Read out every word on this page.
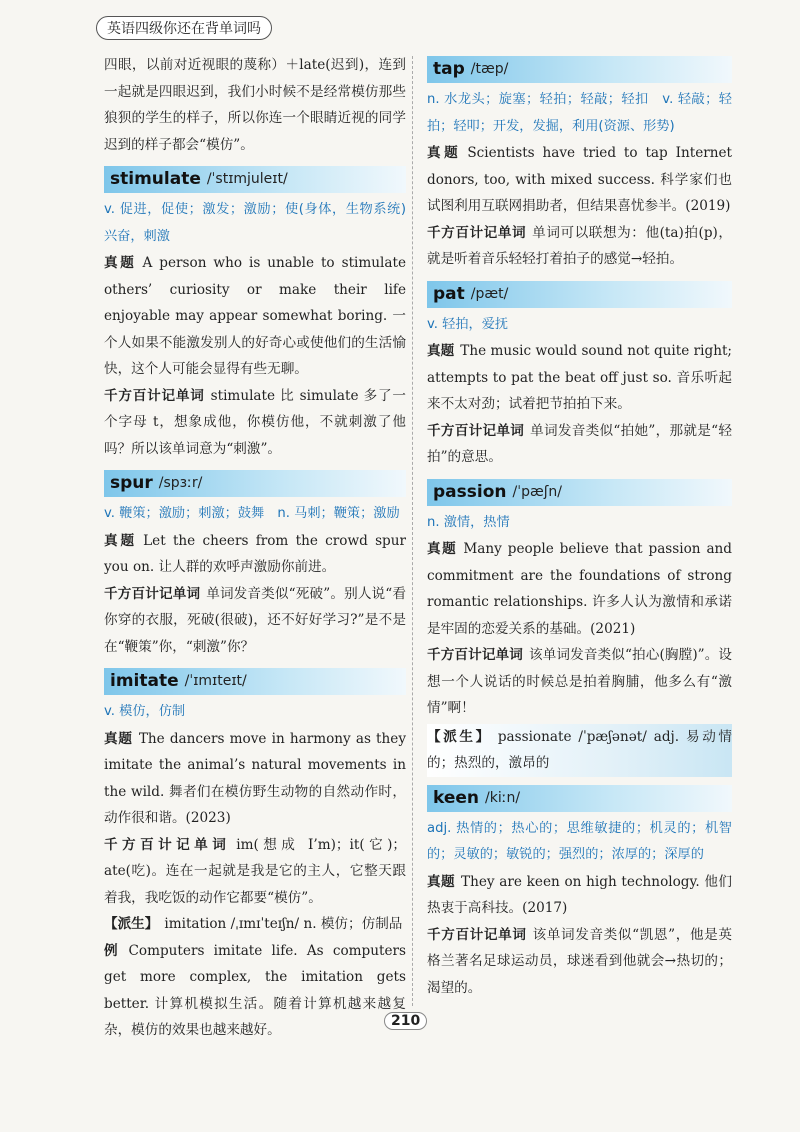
英语四级你还在背单词吗

四眼，以前对近视眼的蔑称）＋late(迟到)，连到一起就是四眼迟到，我们小时候不是经常模仿那些狼狈的学生的样子，所以你连一个眼睛近视的同学迟到的样子都会“模仿”。

stimulate /ˈstɪmjuleɪt/

v. 促进，促使；激发；激励；使(身体，生物系统)兴奋，刺激

真题 A person who is unable to stimulate others’ curiosity or make their life enjoyable may appear somewhat boring. 一个人如果不能激发别人的好奇心或使他们的生活愉快，这个人可能会显得有些无聊。

千方百计记单词 stimulate 比 simulate 多了一个字母 t，想象成他，你模仿他，不就刺激了他吗？所以该单词意为“刺激”。

spur /spɜːr/

v. 鞭策；激励；刺激；鼓舞　n. 马刺；鞭策；激励

真题 Let the cheers from the crowd spur you on. 让人群的欢呼声激励你前进。

千方百计记单词 单词发音类似“死破”。别人说“看你穿的衣服，死破(很破)，还不好好学习?”是不是在“鞭策”你，“刺激”你？

imitate /ˈɪmɪteɪt/

v. 模仿，仿制

真题 The dancers move in harmony as they imitate the animal’s natural movements in the wild. 舞者们在模仿野生动物的自然动作时，动作很和谐。(2023)

千方百计记单词 im(想成 I’m)；it(它)；ate(吃)。连在一起就是我是它的主人，它整天跟着我，我吃饭的动作它都要“模仿”。

【派生】 imitation /ˌɪmɪˈteɪʃn/ n. 模仿；仿制品

例 Computers imitate life. As computers get more complex, the imitation gets better. 计算机模拟生活。随着计算机越来越复杂，模仿的效果也越来越好。

tap /tæp/

n. 水龙头；旋塞；轻拍；轻敲；轻扣　v. 轻敲；轻拍；轻叩；开发，发掘，利用(资源、形势)

真题 Scientists have tried to tap Internet donors, too, with mixed success. 科学家们也试图利用互联网捐助者，但结果喜忧参半。(2019)

千方百计记单词 单词可以联想为：他(ta)拍(p)，就是听着音乐轻轻打着拍子的感觉→轻拍。

pat /pæt/

v. 轻拍，爱抚

真题 The music would sound not quite right; attempts to pat the beat off just so. 音乐听起来不太对劲；试着把节拍拍下来。

千方百计记单词 单词发音类似“拍她”，那就是“轻拍”的意思。

passion /ˈpæʃn/

n. 激情，热情

真题 Many people believe that passion and commitment are the foundations of strong romantic relationships. 许多人认为激情和承诺是牢固的恋爱关系的基础。(2021)

千方百计记单词 该单词发音类似“拍心(胸膛)”。设想一个人说话的时候总是拍着胸脯，他多么有“激情”啊！

【派生】 passionate /ˈpæʃənət/ adj. 易动情的；热烈的，激昂的

keen /kiːn/

adj. 热情的；热心的；思维敏捷的；机灵的；机智的；灵敏的；敏锐的；强烈的；浓厚的；深厚的

真题 They are keen on high technology. 他们热衷于高科技。(2017)

千方百计记单词 该单词发音类似“凯恩”，他是英格兰著名足球运动员，球迷看到他就会→热切的；渴望的。

210
